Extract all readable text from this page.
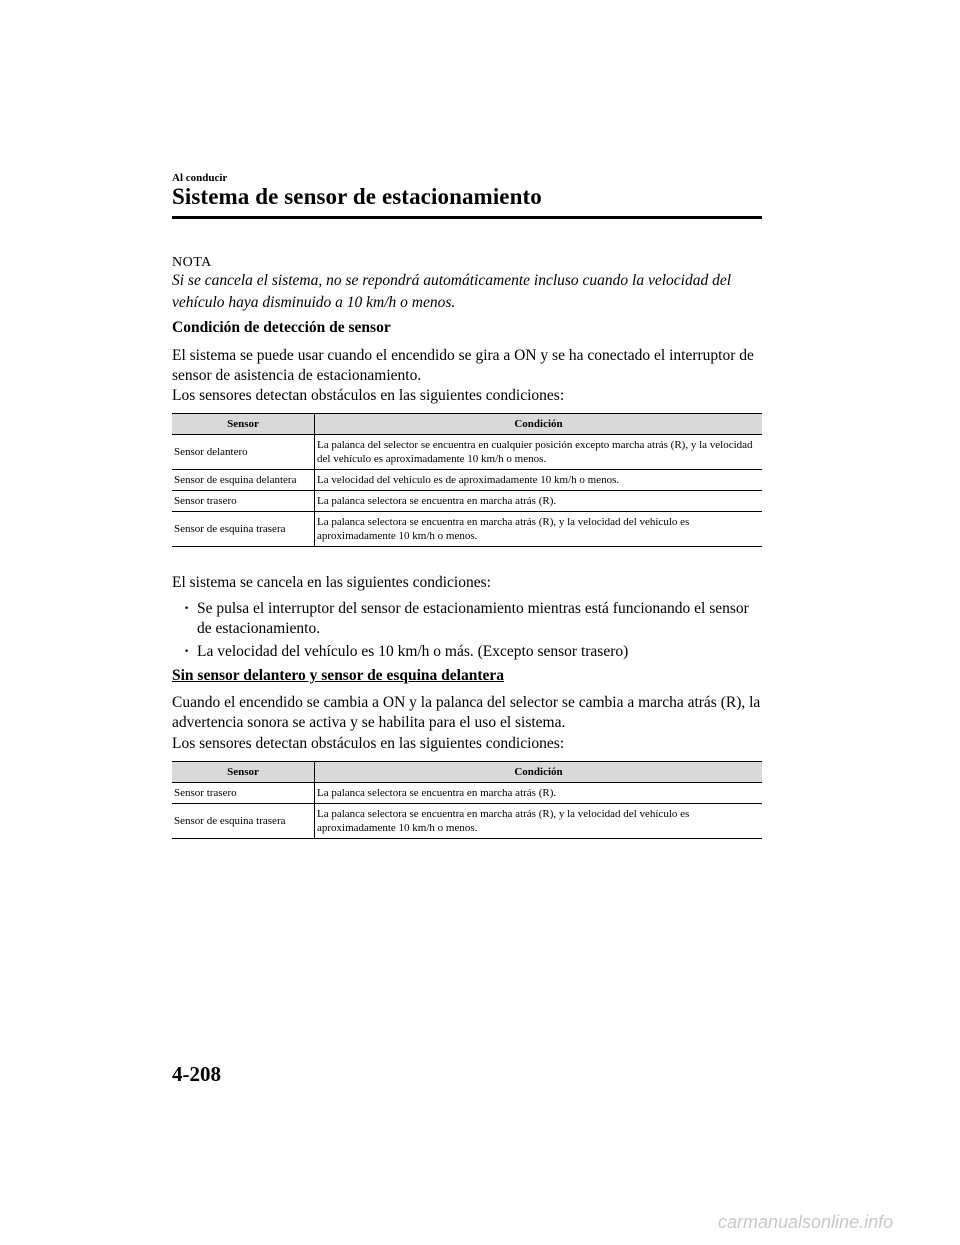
Al conducir
Sistema de sensor de estacionamiento
NOTA
Si se cancela el sistema, no se repondrá automáticamente incluso cuando la velocidad del vehículo haya disminuido a 10 km/h o menos.
Condición de detección de sensor
El sistema se puede usar cuando el encendido se gira a ON y se ha conectado el interruptor de sensor de asistencia de estacionamiento.
Los sensores detectan obstáculos en las siguientes condiciones:
Sensor	Condición
Sensor delantero	La palanca del selector se encuentra en cualquier posición excepto marcha atrás (R), y la velocidad del vehículo es aproximadamente 10 km/h o menos.
Sensor de esquina delantera	La velocidad del vehículo es de aproximadamente 10 km/h o menos.
Sensor trasero	La palanca selectora se encuentra en marcha atrás (R).
Sensor de esquina trasera	La palanca selectora se encuentra en marcha atrás (R), y la velocidad del vehículo es aproximadamente 10 km/h o menos.
El sistema se cancela en las siguientes condiciones:
· Se pulsa el interruptor del sensor de estacionamiento mientras está funcionando el sensor de estacionamiento.
· La velocidad del vehículo es 10 km/h o más. (Excepto sensor trasero)
Sin sensor delantero y sensor de esquina delantera
Cuando el encendido se cambia a ON y la palanca del selector se cambia a marcha atrás (R), la advertencia sonora se activa y se habilita para el uso el sistema.
Los sensores detectan obstáculos en las siguientes condiciones:
Sensor	Condición
Sensor trasero	La palanca selectora se encuentra en marcha atrás (R).
Sensor de esquina trasera	La palanca selectora se encuentra en marcha atrás (R), y la velocidad del vehículo es aproximadamente 10 km/h o menos.
4-208
carmanualsonline.info
